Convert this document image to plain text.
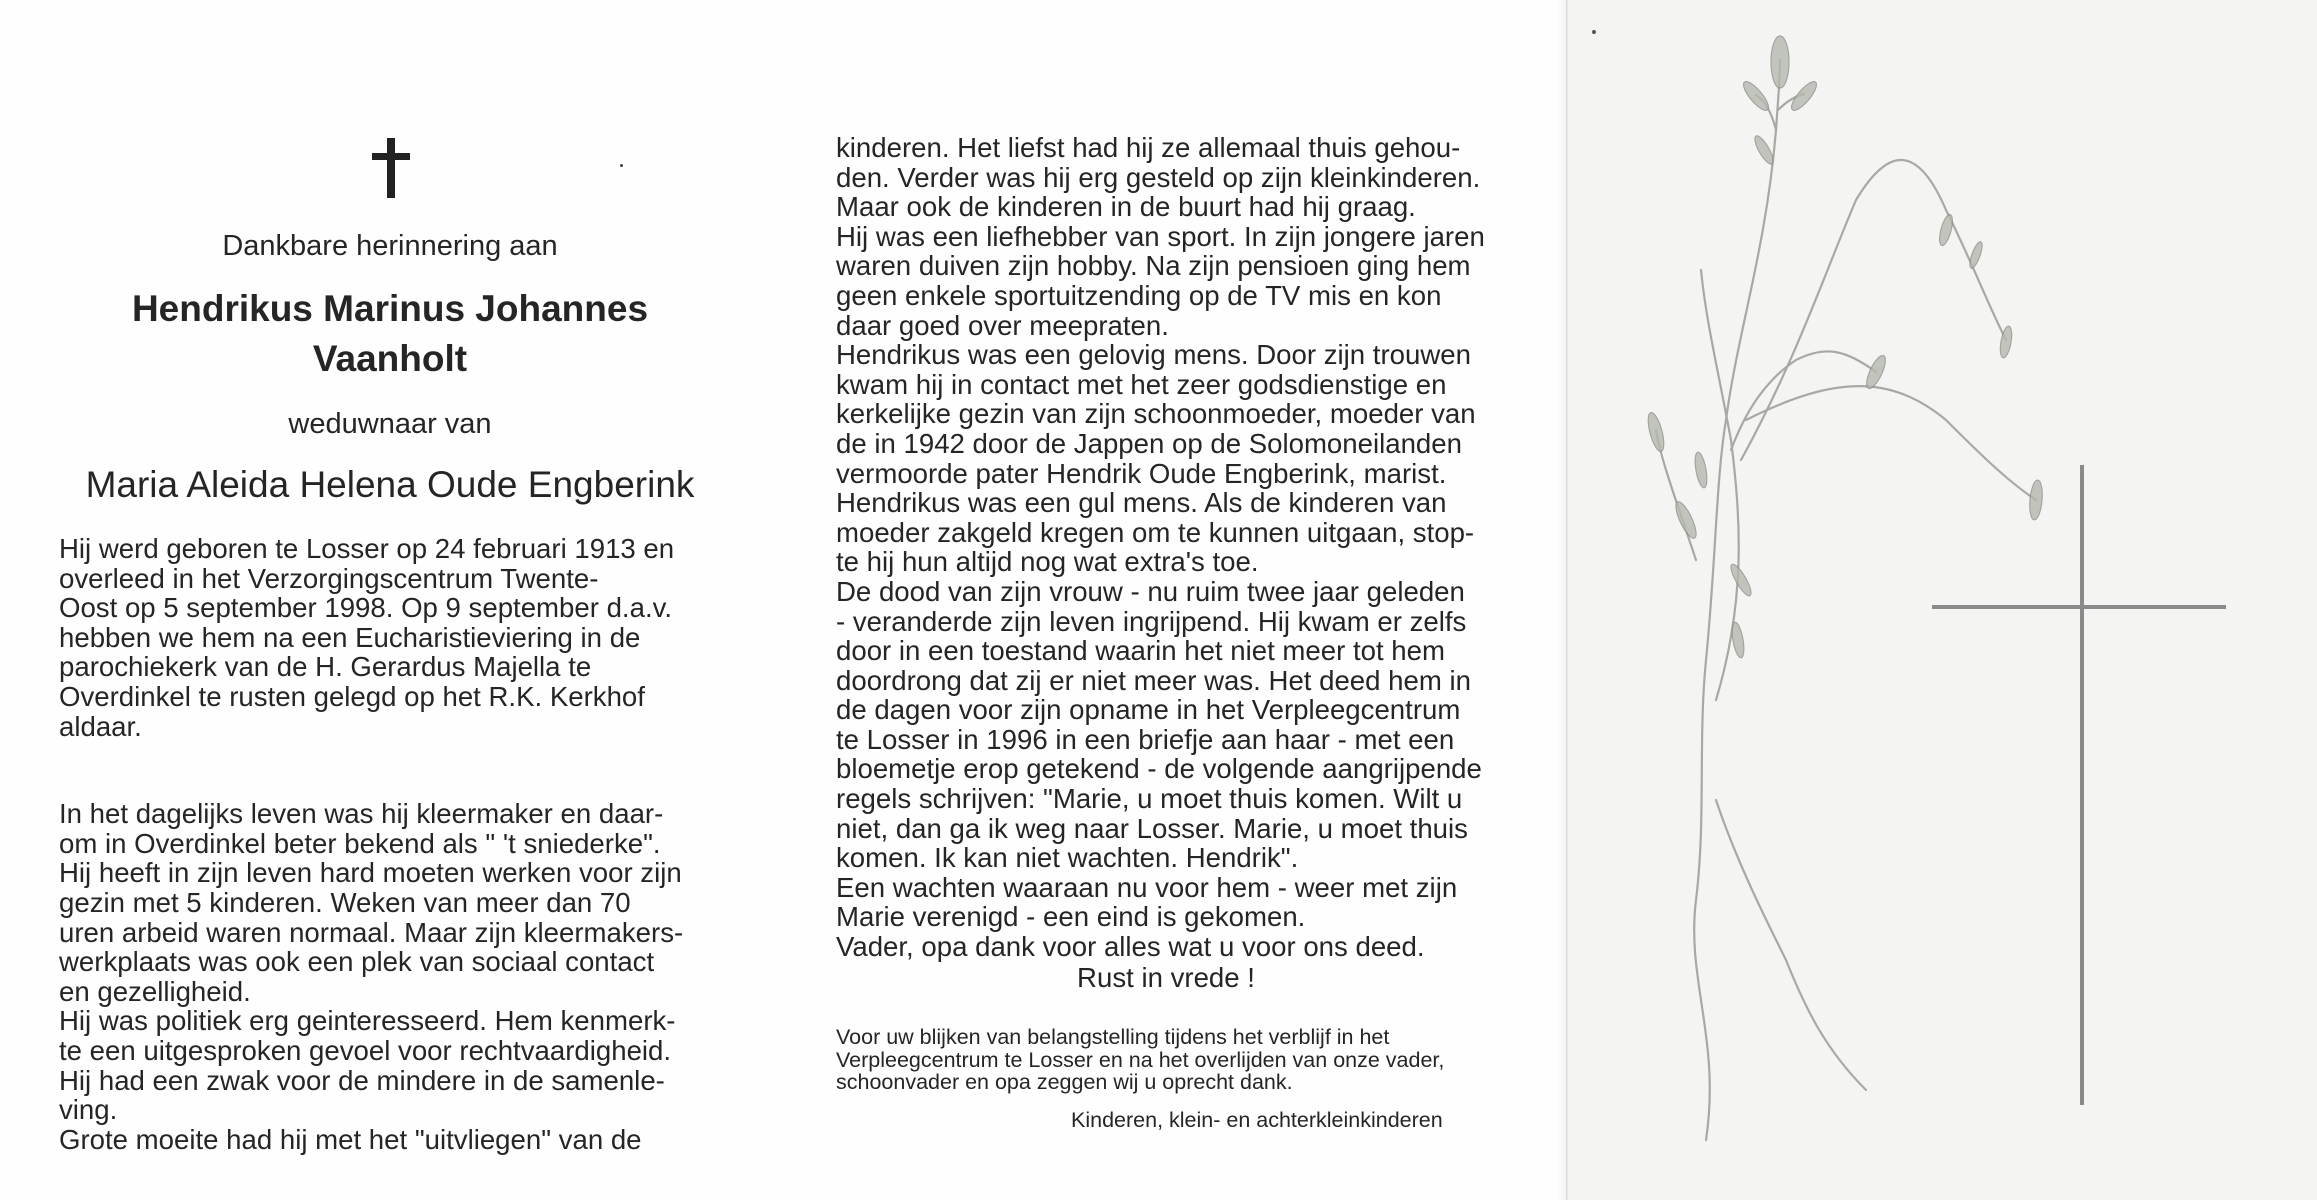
Dankbare herinnering aan

Hendrikus Marinus Johannes
Vaanholt

weduwnaar van

Maria Aleida Helena Oude Engberink

Hij werd geboren te Losser op 24 februari 1913 en
overleed in het Verzorgingscentrum Twente-
Oost op 5 september 1998. Op 9 september d.a.v.
hebben we hem na een Eucharistieviering in de
parochiekerk van de H. Gerardus Majella te
Overdinkel te rusten gelegd op het R.K. Kerkhof
aldaar.

In het dagelijks leven was hij kleermaker en daar-
om in Overdinkel beter bekend als " 't sniederke".
Hij heeft in zijn leven hard moeten werken voor zijn
gezin met 5 kinderen. Weken van meer dan 70
uren arbeid waren normaal. Maar zijn kleermakers-
werkplaats was ook een plek van sociaal contact
en gezelligheid.
Hij was politiek erg geinteresseerd. Hem kenmerk-
te een uitgesproken gevoel voor rechtvaardigheid.
Hij had een zwak voor de mindere in de samenle-
ving.
Grote moeite had hij met het "uitvliegen" van de

kinderen. Het liefst had hij ze allemaal thuis gehou-
den. Verder was hij erg gesteld op zijn kleinkinderen.
Maar ook de kinderen in de buurt had hij graag.
Hij was een liefhebber van sport. In zijn jongere jaren
waren duiven zijn hobby. Na zijn pensioen ging hem
geen enkele sportuitzending op de TV mis en kon
daar goed over meepraten.
Hendrikus was een gelovig mens. Door zijn trouwen
kwam hij in contact met het zeer godsdienstige en
kerkelijke gezin van zijn schoonmoeder, moeder van
de in 1942 door de Jappen op de Solomoneilanden
vermoorde pater Hendrik Oude Engberink, marist.
Hendrikus was een gul mens. Als de kinderen van
moeder zakgeld kregen om te kunnen uitgaan, stop-
te hij hun altijd nog wat extra's toe.
De dood van zijn vrouw - nu ruim twee jaar geleden
- veranderde zijn leven ingrijpend. Hij kwam er zelfs
door in een toestand waarin het niet meer tot hem
doordrong dat zij er niet meer was. Het deed hem in
de dagen voor zijn opname in het Verpleegcentrum
te Losser in 1996 in een briefje aan haar - met een
bloemetje erop getekend - de volgende aangrijpende
regels schrijven: "Marie, u moet thuis komen. Wilt u
niet, dan ga ik weg naar Losser. Marie, u moet thuis
komen. Ik kan niet wachten. Hendrik".
Een wachten waaraan nu voor hem - weer met zijn
Marie verenigd - een eind is gekomen.
Vader, opa dank voor alles wat u voor ons deed.

Rust in vrede !
Voor uw blijken van belangstelling tijdens het verblijf in het
Verpleegcentrum te Losser en na het overlijden van onze vader,
schoonvader en opa zeggen wij u oprecht dank.
Kinderen, klein- en achterkleinkinderen
